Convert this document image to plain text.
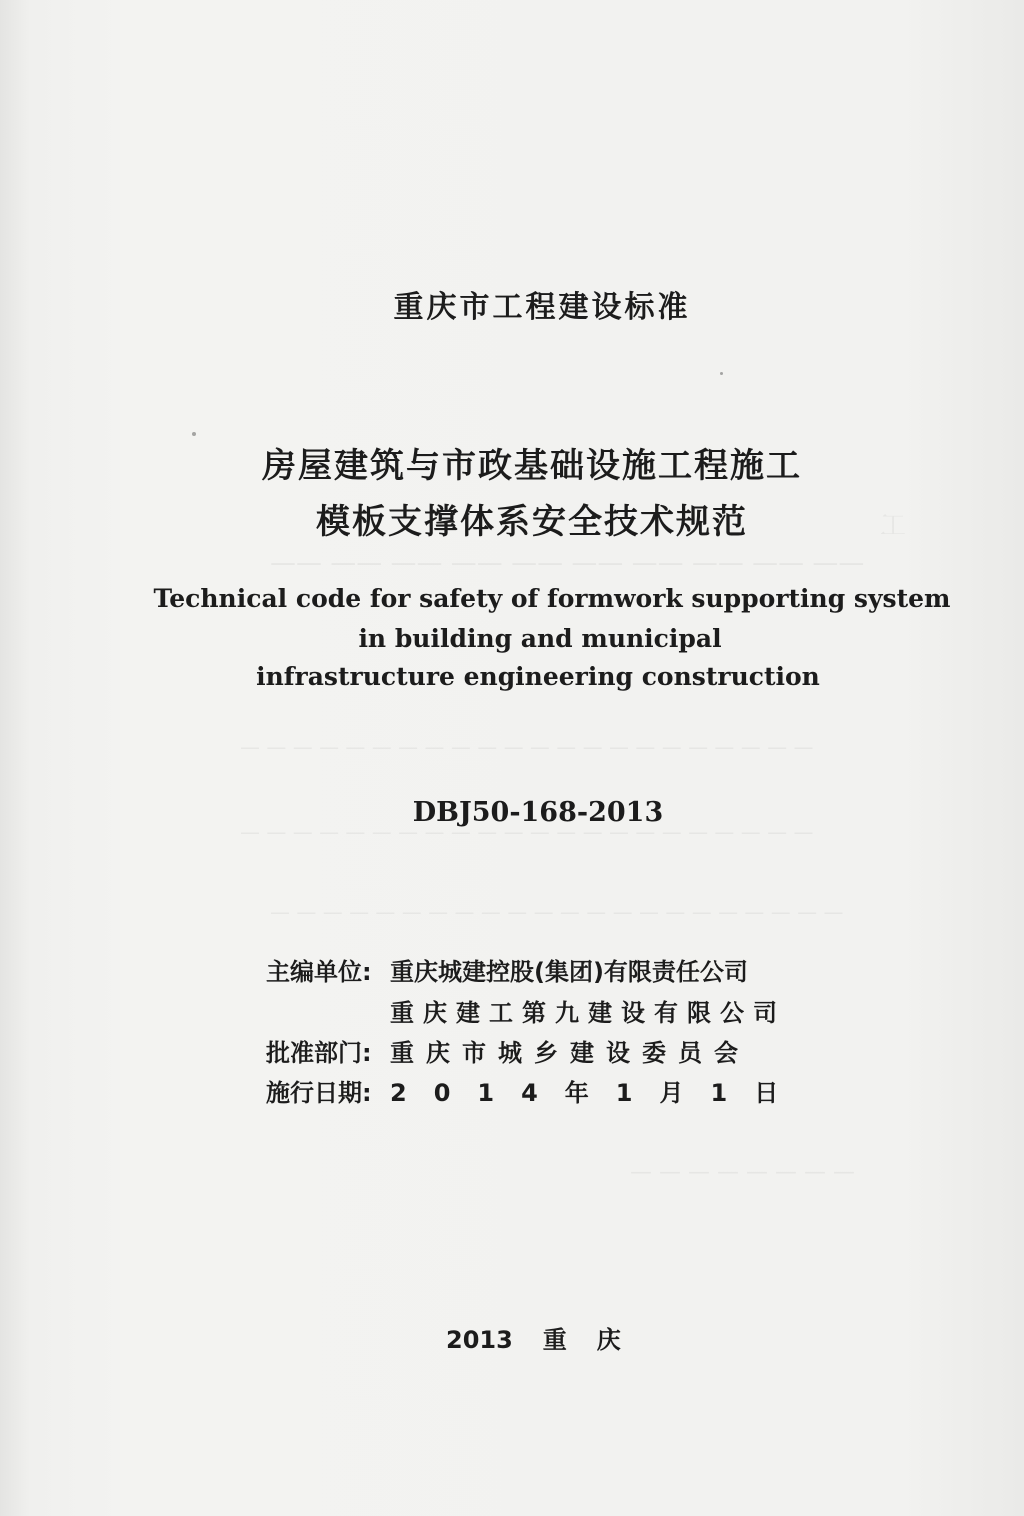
工
—— —— —— —— —— —— —— —— —— ——
— — — — — — — — — — — — — — — — — — — — — —
— — — — — — — — — — — — — — — — — — — — — —
— — — — — — — — — — — — — — — — — — — — — —
— — — — — — — —
重庆市工程建设标准
房屋建筑与市政基础设施工程施工
模板支撑体系安全技术规范
Technical code for safety of formwork supporting system
in building and municipal
infrastructure engineering construction
DBJ50-168-2013
主编单位: 重庆城建控股(集团)有限责任公司
重庆建工第九建设有限公司
批准部门: 重庆市城乡建设委员会
施行日期: 2014年1月1日
2013 重庆
